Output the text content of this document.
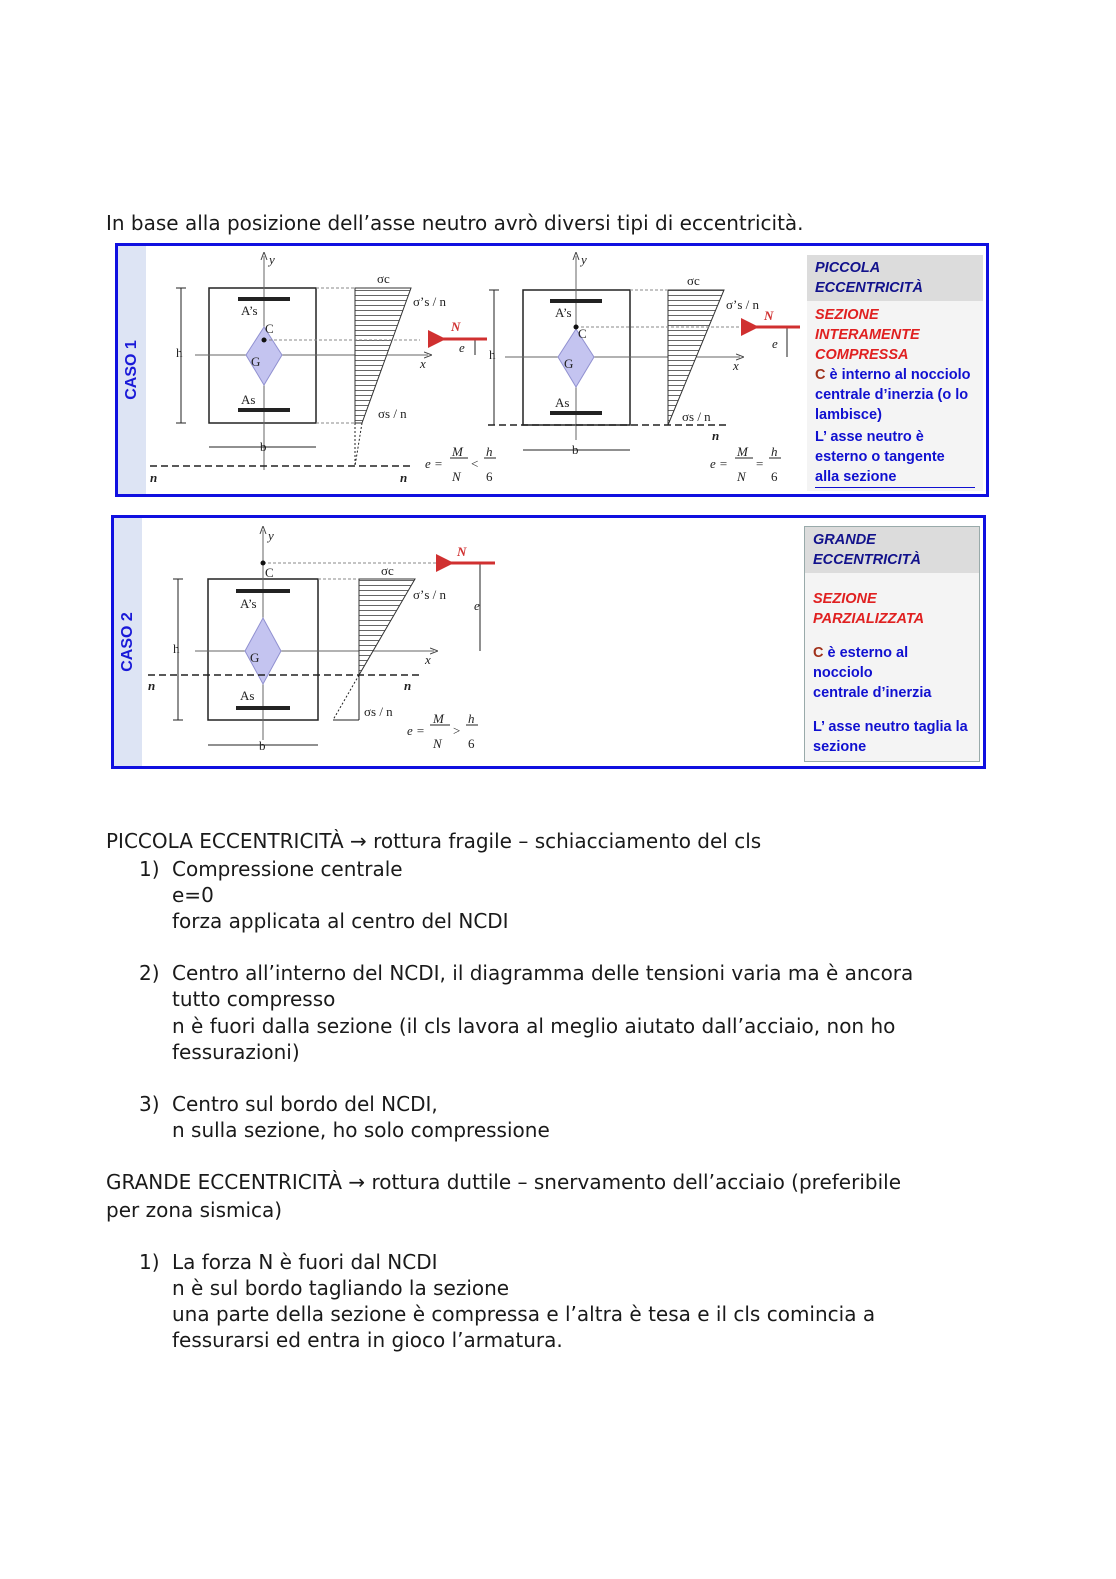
In base alla posizione dell’asse neutro avrò diversi tipi di eccentricità.
CASO 1
PICCOLA
ECCENTRICITÀ
SEZIONE
INTERAMENTE
COMPRESSA
C è interno al nocciolo
centrale d’inerzia (o lo
lambisce)
L’ asse neutro è
esterno o tangente
alla sezione
CASO 2
GRANDE
ECCENTRICITÀ
SEZIONE
PARZIALIZZATA
C è esterno al nocciolo
centrale d’inerzia
L’ asse neutro taglia la
sezione
y
x
C
G
A’s
As
h
b
σc
σ’s / n
σs / n
N
e
n	n
e =
M
N
<
h
6
y
x
C
G
A’s
As
h
b
σc
σ’s / n
σs / n
N
e
n
e =
M
N
=
h
6
y
x
C
G
A’s
As
h
b
σc
σ’s / n
σs / n
N
e
n	n
e =
M
N
>
h
6
PICCOLA ECCENTRICITÀ → rottura fragile – schiacciamento del cls
1) Compressione centrale
e=0
forza applicata al centro del NCDI
2) Centro all’interno del NCDI, il diagramma delle tensioni varia ma è ancora
tutto compresso
n è fuori dalla sezione (il cls lavora al meglio aiutato dall’acciaio, non ho
fessurazioni)
3) Centro sul bordo del NCDI,
n sulla sezione, ho solo compressione
GRANDE ECCENTRICITÀ → rottura duttile – snervamento dell’acciaio (preferibile
per zona sismica)
1) La forza N è fuori dal NCDI
n è sul bordo tagliando la sezione
una parte della sezione è compressa e l’altra è tesa e il cls comincia a
fessurarsi ed entra in gioco l’armatura.
